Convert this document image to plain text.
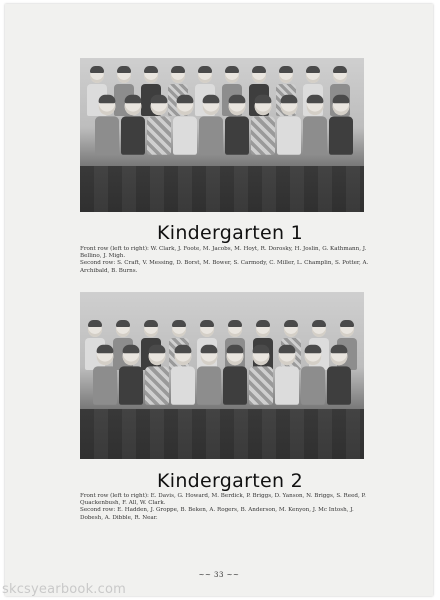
Kindergarten 1
Front row (left to right): W. Clark, J. Foote, M. Jacobs, M. Hoyt, R. Dorosky, H. Joslin, G. Kathmann, J. Bellino, J. Migh.
Second row: S. Craft, V. Messing, D. Borst, M. Bower, S. Carmody, C. Miller, L. Champlin, S. Potter, A. Archibald, B. Burns.
Kindergarten 2
Front row (left to right): E. Davis, G. Howard, M. Berdick, P. Briggs, D. Yanson, N. Briggs, S. Reed, P. Quackenbush, F. All, W. Clark.
Second row: E. Hadden, J. Groppe, B. Beken, A. Rogers, B. Anderson, M. Kenyon, J. Mc Intosh, J. Dobesh, A. Dibble, R. Near.
~~ 33 ~~
skcsyearbook.com
